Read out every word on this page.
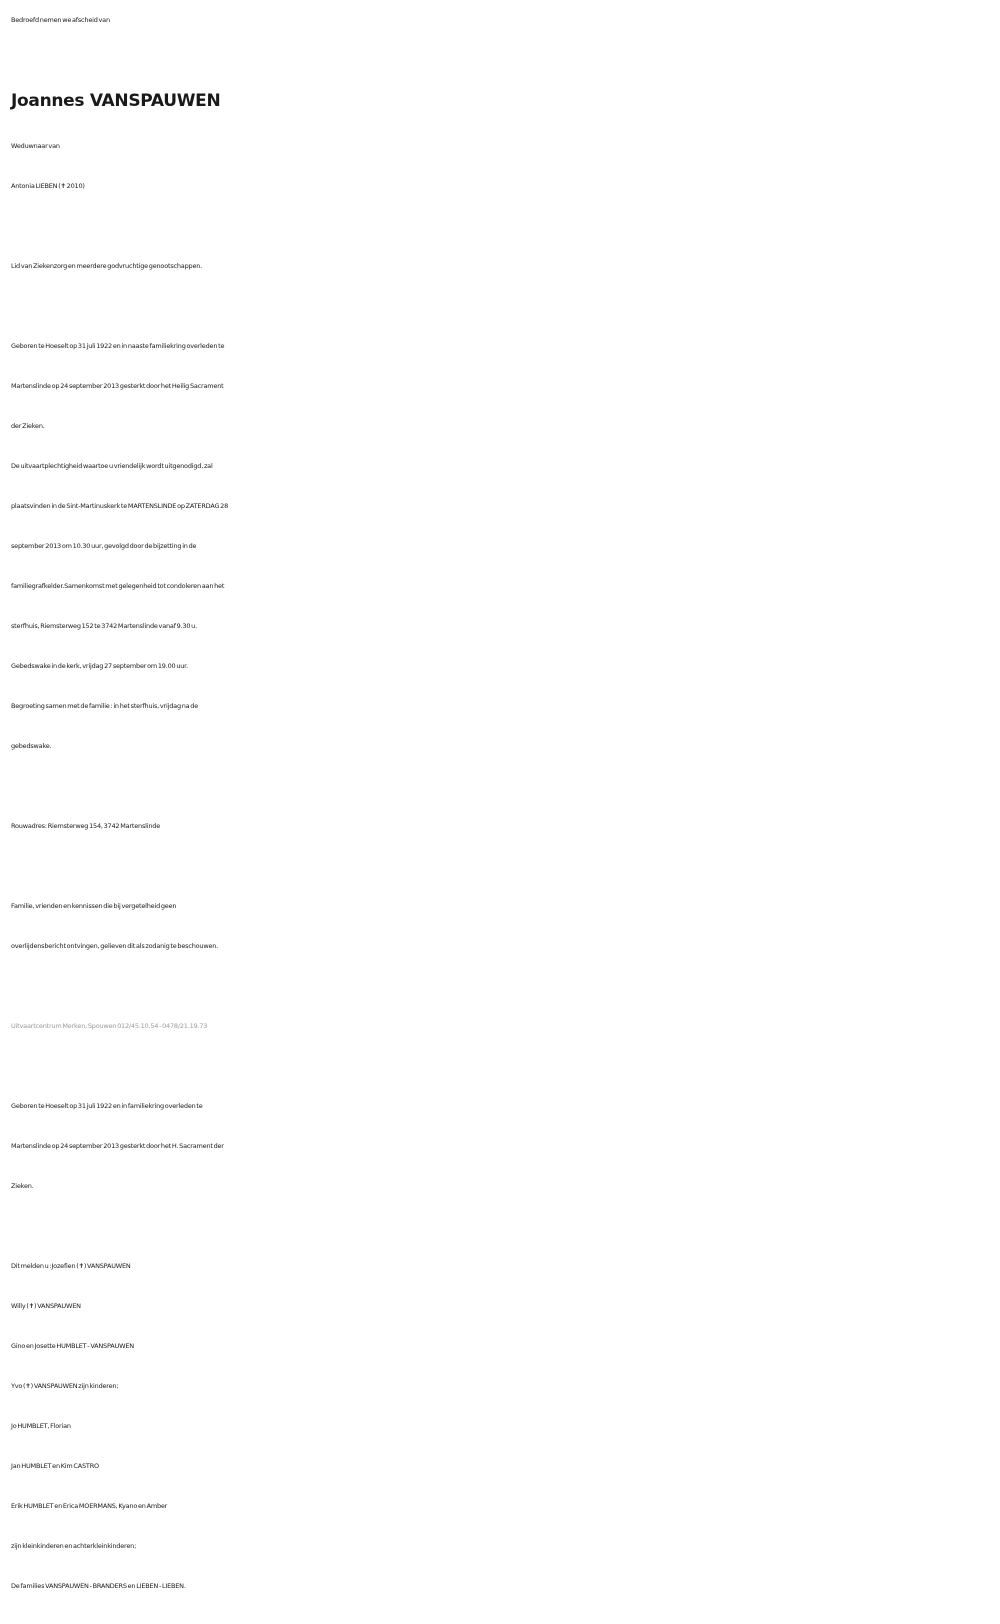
Bedroefd nemen we afscheid van
Joannes VANSPAUWEN
Weduwnaar van
Antonia LIEBEN (✝ 2010)
Lid van Ziekenzorg en meerdere godvruchtige genootschappen.
Geboren te Hoeselt op 31 juli 1922 en in naaste familiekring overleden te
Martenslinde op 24 september 2013 gesterkt door het Heilig Sacrament
der Zieken.
De uitvaartplechtigheid waartoe u vriendelijk wordt uitgenodigd, zal
plaatsvinden in de Sint-Martinuskerk te MARTENSLINDE op ZATERDAG 28
september 2013 om 10.30 uur, gevolgd door de bijzetting in de
familiegrafkelder.Samenkomst met gelegenheid tot condoleren aan het
sterfhuis, Riemsterweg 152 te 3742 Martenslinde vanaf 9.30 u.
Gebedswake in de kerk, vrijdag 27 september om 19.00 uur.
Begroeting samen met de familie : in het sterfhuis, vrijdag na de
gebedswake.
Rouwadres: Riemsterweg 154, 3742 Martenslinde
Familie, vrienden en kennissen die bij vergetelheid geen
overlijdensbericht ontvingen, gelieven dit als zodanig te beschouwen.
Uitvaartcentrum Merken, Spouwen 012/45.10.54 - 0478/21.19.73
Geboren te Hoeselt op 31 juli 1922 en in familiekring overleden te
Martenslinde op 24 september 2013 gesterkt door het H. Sacrament der
Zieken.
Dit melden u :Jozefien (✝) VANSPAUWEN
Willy (✝) VANSPAUWEN
Gino en Josette HUMBLET - VANSPAUWEN
Yvo (✝) VANSPAUWEN zijn kinderen;
Jo HUMBLET, Florian
Jan HUMBLET en Kim CASTRO
Erik HUMBLET en Erica MOERMANS, Kyano en Amber
zijn kleinkinderen en achterkleinkinderen;
De families VANSPAUWEN - BRANDERS en LIEBEN - LIEBEN.
